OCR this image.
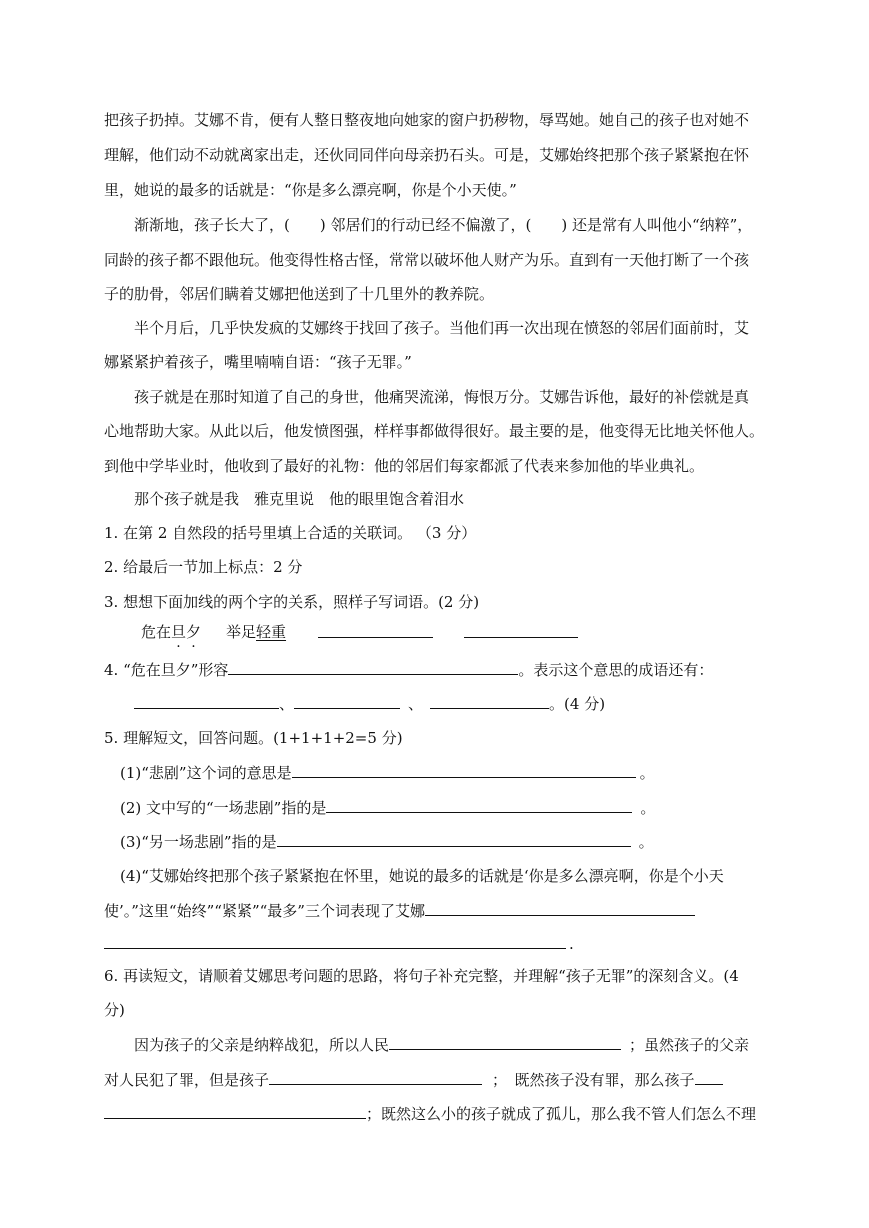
把孩子扔掉。艾娜不肯，便有人整日整夜地向她家的窗户扔秽物，辱骂她。她自己的孩子也对她不
理解，他们动不动就离家出走，还伙同同伴向母亲扔石头。可是，艾娜始终把那个孩子紧紧抱在怀
里，她说的最多的话就是：“你是多么漂亮啊，你是个小天使。”
渐渐地，孩子长大了，(　　) 邻居们的行动已经不偏激了，(　　) 还是常有人叫他小“纳粹”，
同龄的孩子都不跟他玩。他变得性格古怪，常常以破坏他人财产为乐。直到有一天他打断了一个孩
子的肋骨，邻居们瞒着艾娜把他送到了十几里外的教养院。
半个月后，几乎快发疯的艾娜终于找回了孩子。当他们再一次出现在愤怒的邻居们面前时，艾
娜紧紧护着孩子，嘴里喃喃自语：“孩子无罪。”
孩子就是在那时知道了自己的身世，他痛哭流涕，悔恨万分。艾娜告诉他，最好的补偿就是真
心地帮助大家。从此以后，他发愤图强，样样事都做得很好。最主要的是，他变得无比地关怀他人。
到他中学毕业时，他收到了最好的礼物：他的邻居们每家都派了代表来参加他的毕业典礼。
那个孩子就是我　雅克里说　他的眼里饱含着泪水
1. 在第 2 自然段的括号里填上合适的关联词。 （3 分）
2. 给最后一节加上标点：2 分
3. 想想下面加线的两个字的关系，照样子写词语。(2 分)
危在旦夕 举足轻重
4. “危在旦夕”形容	。表示这个意思的成语还有：
、	、	。(4 分)
5. 理解短文，回答问题。(1+1+1+2=5 分)
(1)“悲剧”这个词的意思是	。
(2) 文中写的“一场悲剧”指的是	。
(3)“另一场悲剧”指的是	。
(4)“艾娜始终把那个孩子紧紧抱在怀里，她说的最多的话就是‘你是多么漂亮啊，你是个小天
使’。”这里“始终”“紧紧”“最多”三个词表现了艾娜
.
6. 再读短文，请顺着艾娜思考问题的思路，将句子补充完整，并理解“孩子无罪”的深刻含义。(4
分)
因为孩子的父亲是纳粹战犯，所以人民	；虽然孩子的父亲
对人民犯了罪，但是孩子	；　既然孩子没有罪，那么孩子
；既然这么小的孩子就成了孤儿，那么我不管人们怎么不理
